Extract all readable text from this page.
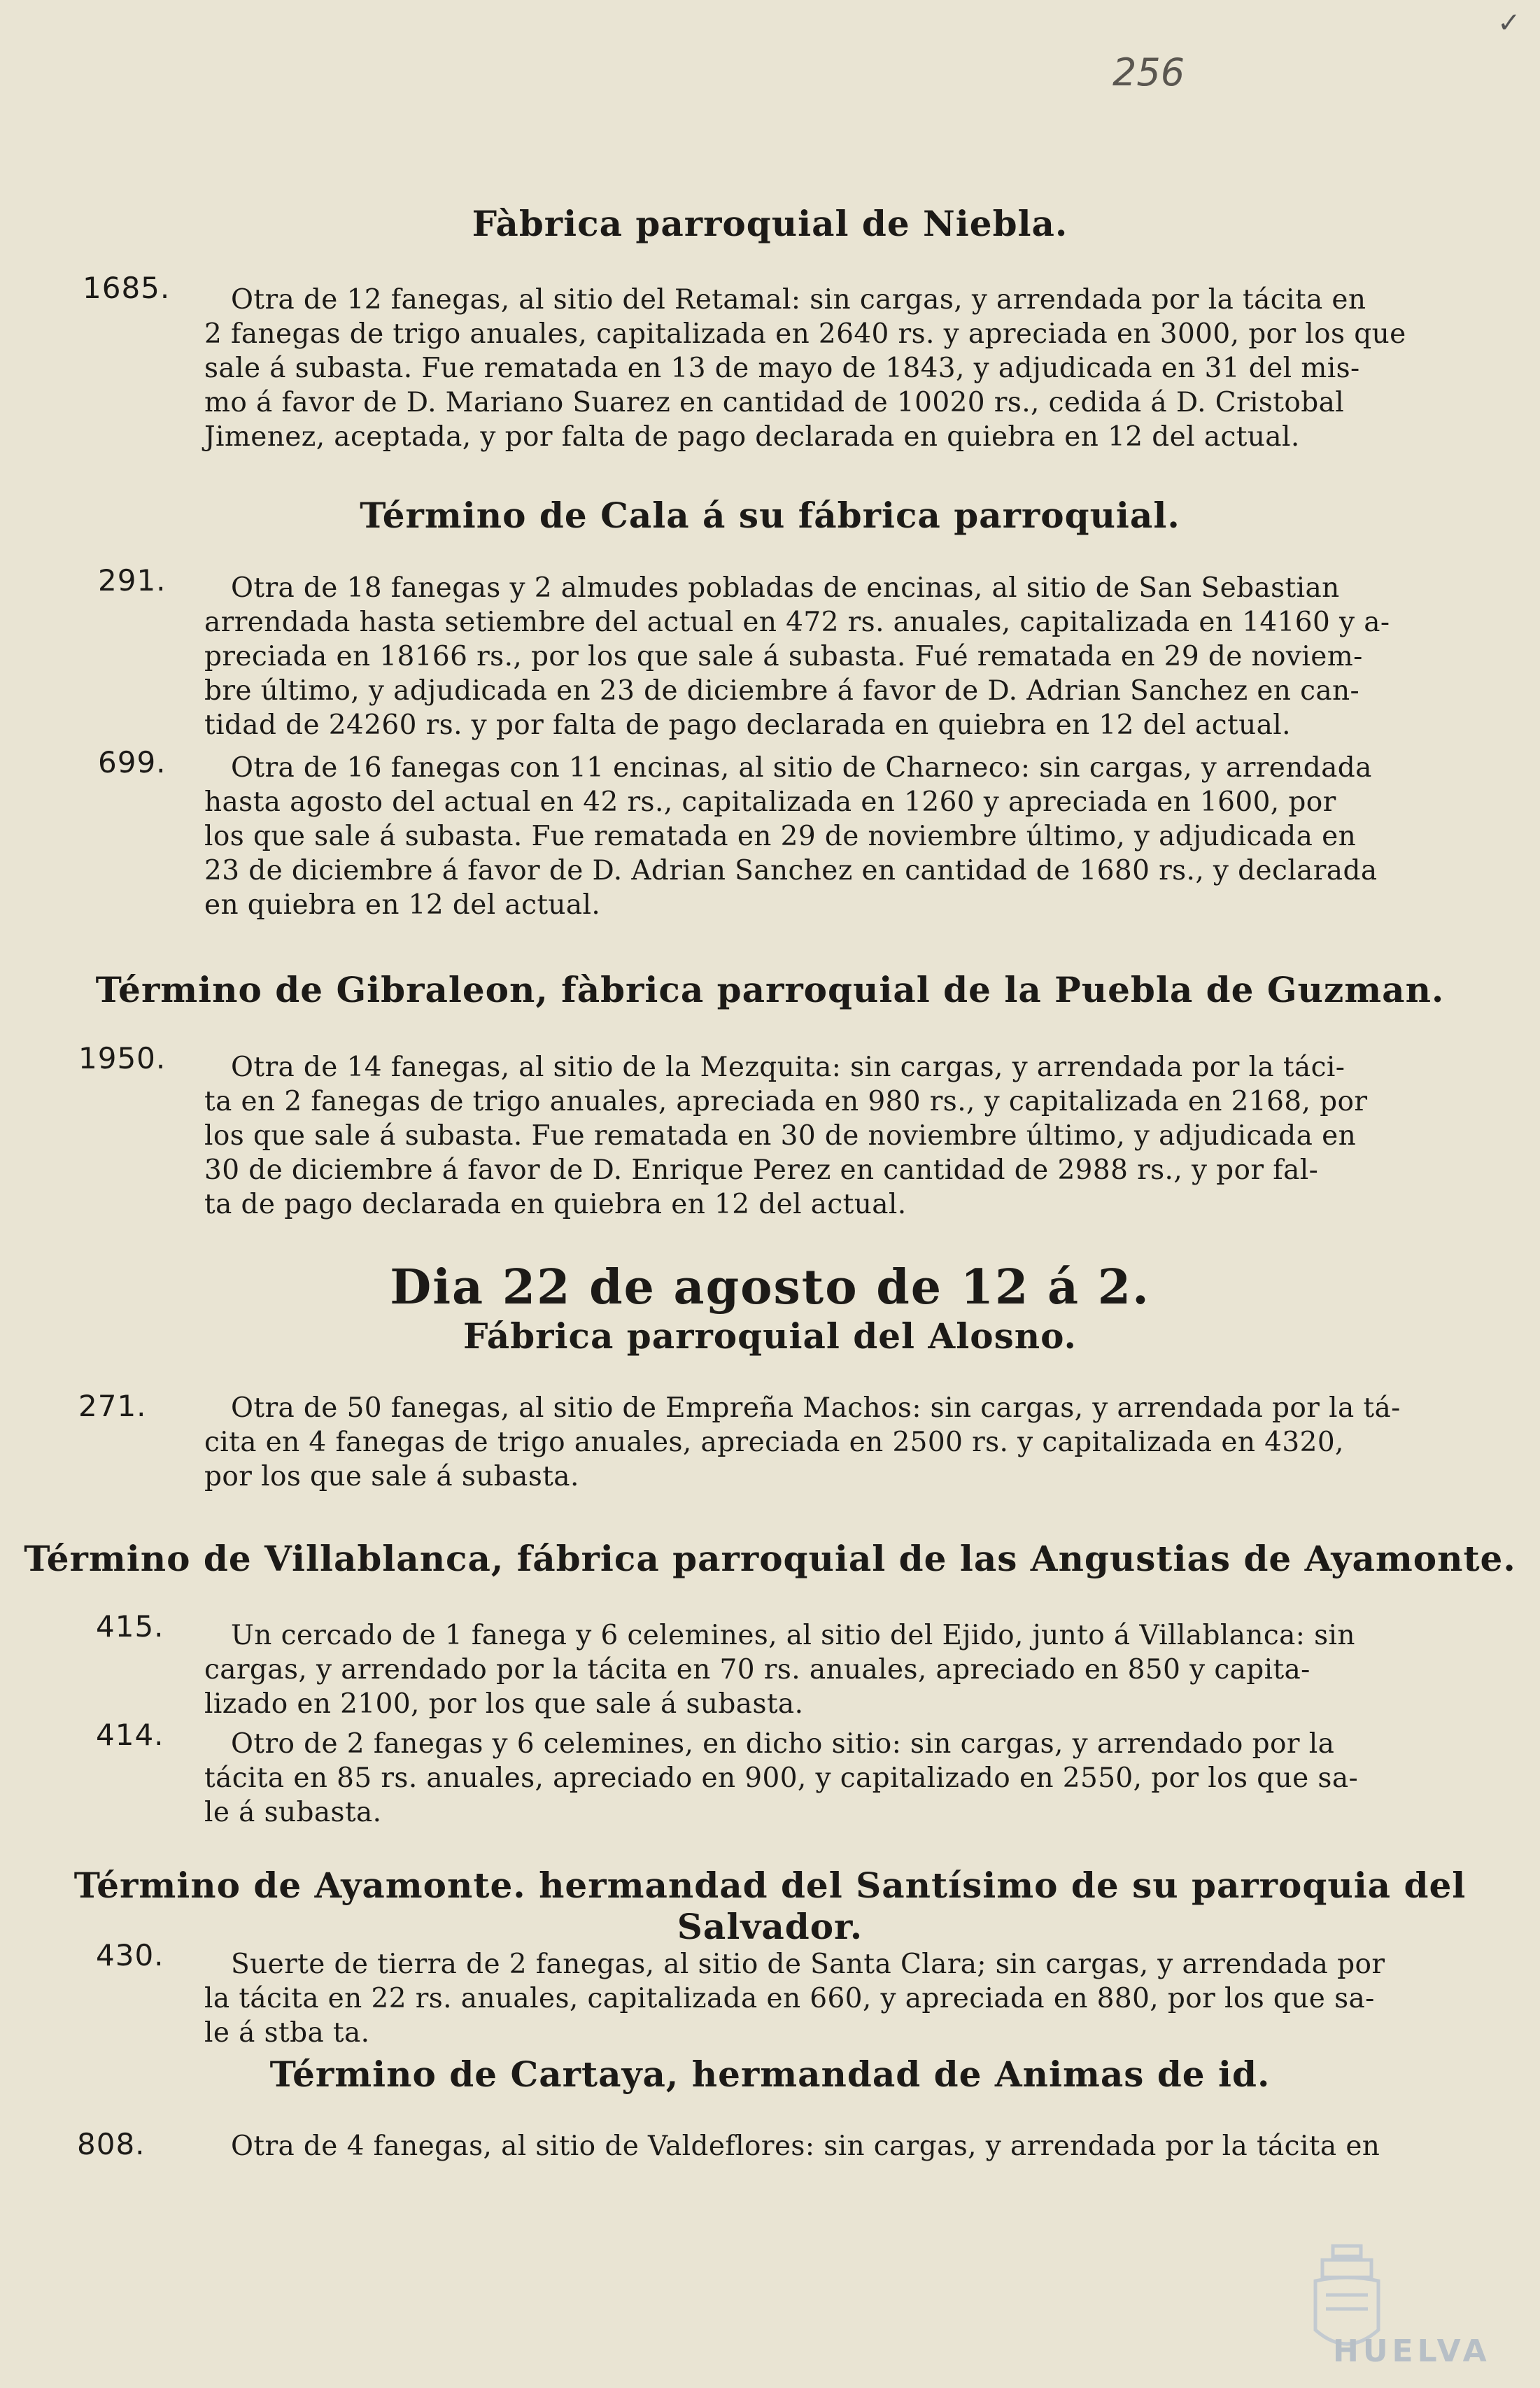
256
✓
Fàbrica parroquial de Niebla.
1685. Otra de 12 fanegas, al sitio del Retamal: sin cargas, y arrendada por la tácita en
2 fanegas de trigo anuales, capitalizada en 2640 rs. y apreciada en 3000, por los que
sale á subasta. Fue rematada en 13 de mayo de 1843, y adjudicada en 31 del mis-
mo á favor de D. Mariano Suarez en cantidad de 10020 rs., cedida á D. Cristobal
Jimenez, aceptada, y por falta de pago declarada en quiebra en 12 del actual.
Término de Cala á su fábrica parroquial.
291. Otra de 18 fanegas y 2 almudes pobladas de encinas, al sitio de San Sebastian
arrendada hasta setiembre del actual en 472 rs. anuales, capitalizada en 14160 y a-
preciada en 18166 rs., por los que sale á subasta. Fué rematada en 29 de noviem-
bre último, y adjudicada en 23 de diciembre á favor de D. Adrian Sanchez en can-
tidad de 24260 rs. y por falta de pago declarada en quiebra en 12 del actual.
699. Otra de 16 fanegas con 11 encinas, al sitio de Charneco: sin cargas, y arrendada
hasta agosto del actual en 42 rs., capitalizada en 1260 y apreciada en 1600, por
los que sale á subasta. Fue rematada en 29 de noviembre último, y adjudicada en
23 de diciembre á favor de D. Adrian Sanchez en cantidad de 1680 rs., y declarada
en quiebra en 12 del actual.
Término de Gibraleon, fàbrica parroquial de la Puebla de Guzman.
1950. Otra de 14 fanegas, al sitio de la Mezquita: sin cargas, y arrendada por la táci-
ta en 2 fanegas de trigo anuales, apreciada en 980 rs., y capitalizada en 2168, por
los que sale á subasta. Fue rematada en 30 de noviembre último, y adjudicada en
30 de diciembre á favor de D. Enrique Perez en cantidad de 2988 rs., y por fal-
ta de pago declarada en quiebra en 12 del actual.
Dia 22 de agosto de 12 á 2.
Fábrica parroquial del Alosno.
271.	Otra de 50 fanegas, al sitio de Empreña Machos: sin cargas, y arrendada por la tá-
cita en 4 fanegas de trigo anuales, apreciada en 2500 rs. y capitalizada en 4320,
por los que sale á subasta.
Término de Villablanca, fábrica parroquial de las Angustias de Ayamonte.
415. Un cercado de 1 fanega y 6 celemines, al sitio del Ejido, junto á Villablanca: sin
cargas, y arrendado por la tácita en 70 rs. anuales, apreciado en 850 y capita-
lizado en 2100, por los que sale á subasta.
414. Otro de 2 fanegas y 6 celemines, en dicho sitio: sin cargas, y arrendado por la
tácita en 85 rs. anuales, apreciado en 900, y capitalizado en 2550, por los que sa-
le á subasta.
Término de Ayamonte. hermandad del Santísimo de su parroquia del Salvador.
430. Suerte de tierra de 2 fanegas, al sitio de Santa Clara; sin cargas, y arrendada por
la tácita en 22 rs. anuales, capitalizada en 660, y apreciada en 880, por los que sa-
le á stba ta.
Término de Cartaya, hermandad de Animas de id.
808.	Otra de 4 fanegas, al sitio de Valdeflores: sin cargas, y arrendada por la tácita en
HUELVA
